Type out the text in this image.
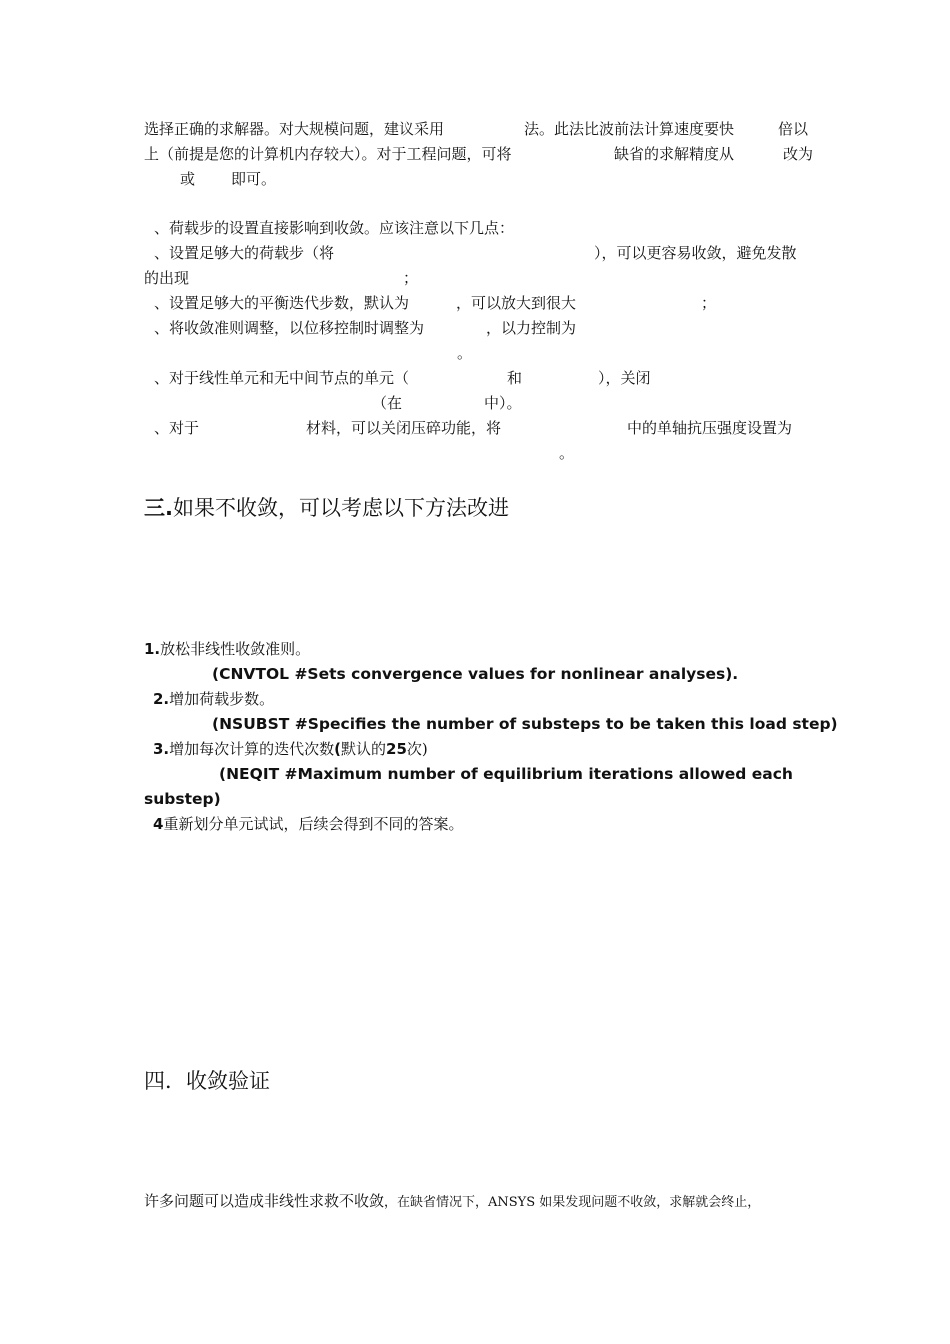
选择正确的求解器。对大规模问题，建议采用	法。此法比波前法计算速度要快	倍以
上（前提是您的计算机内存较大）。对于工程问题，可将	缺省的求解精度从	改为
或 即可。
、荷载步的设置直接影响到收敛。应该注意以下几点：
、设置足够大的荷载步（将	），可以更容易收敛，避免发散
的出现	；
、设置足够大的平衡迭代步数，默认为	，可以放大到很大	；
、将收敛准则调整，以位移控制时调整为	，以力控制为
。
、对于线性单元和无中间节点的单元（	和	），关闭
（在	中）。
、对于	材料，可以关闭压碎功能，将	中的单轴抗压强度设置为
。
三.如果不收敛，可以考虑以下方法改进
1.放松非线性收敛准则。
(CNVTOL #Sets convergence values for nonlinear analyses).
2.增加荷载步数。
(NSUBST #Specifies the number of substeps to be taken this load step)
3.增加每次计算的迭代次数(默认的25次)
(NEQIT #Maximum number of equilibrium iterations allowed each
substep)
4重新划分单元试试，后续会得到不同的答案。
四．收敛验证
许多问题可以造成非线性求救不收敛，在缺省情况下，ANSYS 如果发现问题不收敛，求解就会终止，
